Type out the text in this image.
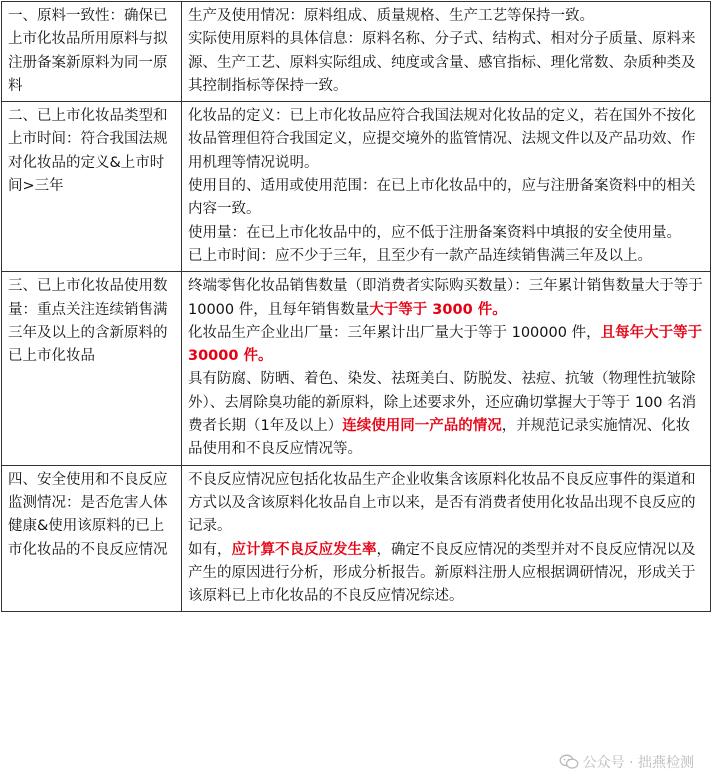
一、原料一致性：确保已上市化妆品所用原料与拟注册备案新原料为同一原料	生产及使用情况：原料组成、质量规格、生产工艺等保持一致。
实际使用原料的具体信息：原料名称、分子式、结构式、相对分子质量、原料来源、生产工艺、原料实际组成、纯度或含量、感官指标、理化常数、杂质种类及其控制指标等保持一致。

二、已上市化妆品类型和上市时间：符合我国法规对化妆品的定义&上市时间>三年	化妆品的定义：已上市化妆品应符合我国法规对化妆品的定义，若在国外不按化妆品管理但符合我国定义，应提交境外的监管情况、法规文件以及产品功效、作用机理等情况说明。
使用目的、适用或使用范围：在已上市化妆品中的，应与注册备案资料中的相关内容一致。
使用量：在已上市化妆品中的，应不低于注册备案资料中填报的安全使用量。
已上市时间：应不少于三年，且至少有一款产品连续销售满三年及以上。

三、已上市化妆品使用数量：重点关注连续销售满三年及以上的含新原料的已上市化妆品	终端零售化妆品销售数量（即消费者实际购买数量）：三年累计销售数量大于等于 10000 件，且每年销售数量大于等于 3000 件。
化妆品生产企业出厂量：三年累计出厂量大于等于 100000 件，且每年大于等于 30000 件。
具有防腐、防晒、着色、染发、祛斑美白、防脱发、祛痘、抗皱（物理性抗皱除外）、去屑除臭功能的新原料，除上述要求外，还应确切掌握大于等于 100 名消费者长期（1年及以上）连续使用同一产品的情况，并规范记录实施情况、化妆品使用和不良反应情况等。

四、安全使用和不良反应监测情况：是否危害人体健康&使用该原料的已上市化妆品的不良反应情况	不良反应情况应包括化妆品生产企业收集含该原料化妆品不良反应事件的渠道和方式以及含该原料化妆品自上市以来，是否有消费者使用化妆品出现不良反应的记录。
如有，应计算不良反应发生率，确定不良反应情况的类型并对不良反应情况以及产生的原因进行分析，形成分析报告。新原料注册人应根据调研情况，形成关于该原料已上市化妆品的不良反应情况综述。
公众号 · 拙燕检测
